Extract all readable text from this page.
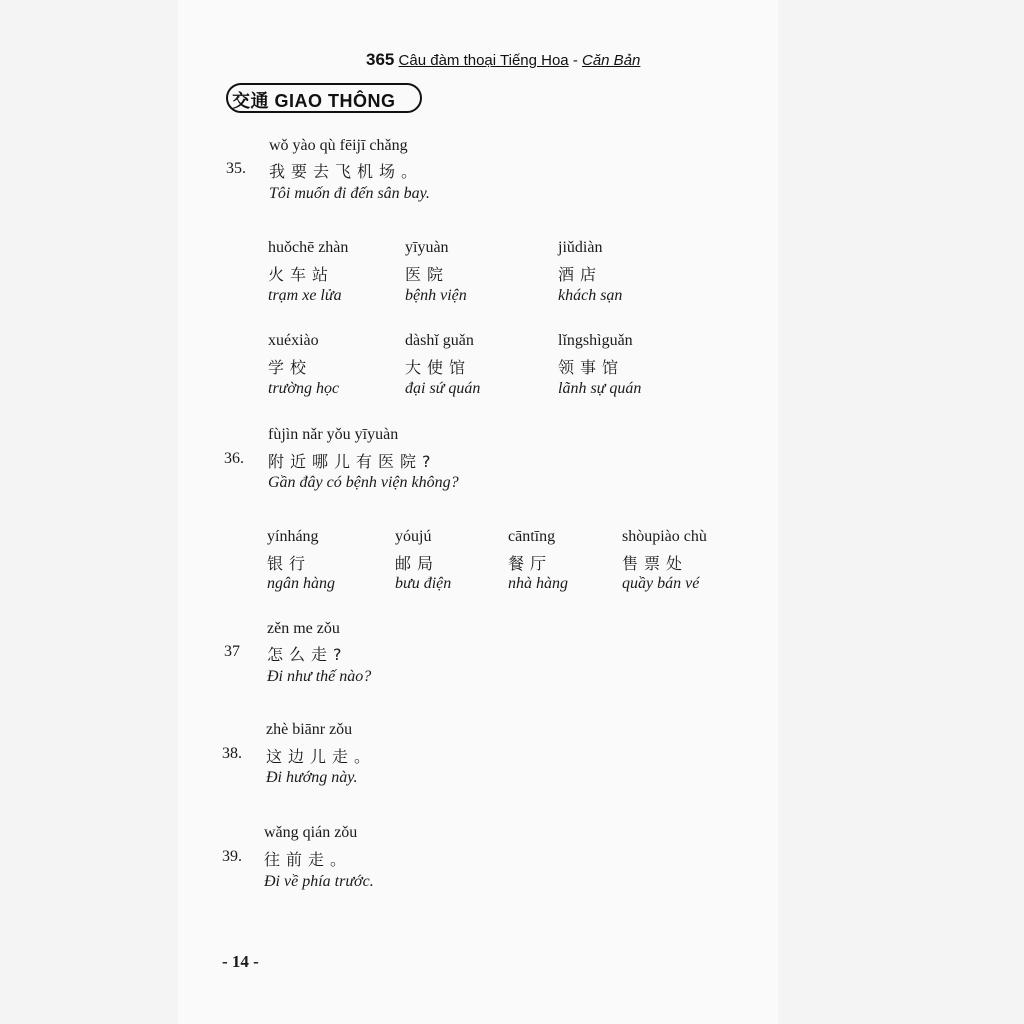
365 Câu đàm thoại Tiếng Hoa - Căn Bản
交通 GIAO THÔNG
wǒ yào qù fēijī chǎng
35. 我要去飞机场。
Tôi muốn đi đến sân bay.
huǒchē zhàn
火车站
trạm xe lửa
yīyuàn
医院
bệnh viện
jiǔdiàn
酒店
khách sạn
xuéxiào
学校
trường học
dàshǐ guǎn
大使馆
đại sứ quán
lǐngshìguǎn
领事馆
lãnh sự quán
fùjìn nǎr yǒu yīyuàn
36. 附近哪儿有医院?
Gần đây có bệnh viện không?
yínháng
银行
ngân hàng
yóujú
邮局
bưu điện
cāntīng
餐厅
nhà hàng
shòupiào chù
售票处
quầy bán vé
zěn me zǒu
37 怎么走?
Đi như thế nào?
zhè biānr zǒu
38. 这边儿走。
Đi hướng này.
wǎng qián zǒu
39. 往前走。
Đi về phía trước.
- 14 -
